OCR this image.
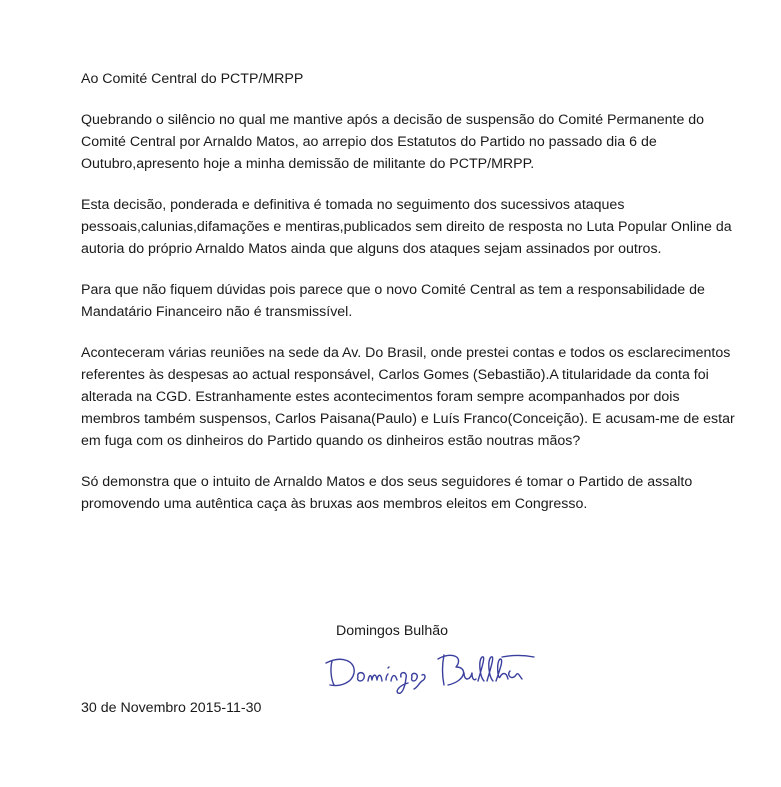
Ao Comité Central do PCTP/MRPP

Quebrando o silêncio no qual me mantive após a decisão de suspensão do Comité Permanente do Comité Central por Arnaldo Matos, ao arrepio dos Estatutos do Partido no passado dia 6 de Outubro,apresento hoje a minha demissão de militante do PCTP/MRPP.

Esta decisão, ponderada e definitiva é tomada no seguimento dos sucessivos ataques pessoais,calunias,difamações e mentiras,publicados sem direito de resposta no Luta Popular Online da autoria do próprio Arnaldo Matos ainda que alguns dos ataques sejam assinados por outros.

Para que não fiquem dúvidas pois parece que o novo Comité Central as tem a responsabilidade de Mandatário Financeiro não é transmissível.

Aconteceram várias reuniões na sede da Av. Do Brasil, onde prestei contas e todos os esclarecimentos referentes às despesas ao actual responsável, Carlos Gomes (Sebastião).A titularidade da conta foi alterada na CGD. Estranhamente estes acontecimentos foram sempre acompanhados por dois membros também suspensos, Carlos Paisana(Paulo) e Luís Franco(Conceição). E acusam-me de estar em fuga com os dinheiros do Partido quando os dinheiros estão noutras mãos?

Só demonstra que o intuito de Arnaldo Matos e dos seus seguidores é tomar o Partido de assalto promovendo uma autêntica caça às bruxas aos membros eleitos em Congresso.

Domingos Bulhão
30 de Novembro 2015-11-30
